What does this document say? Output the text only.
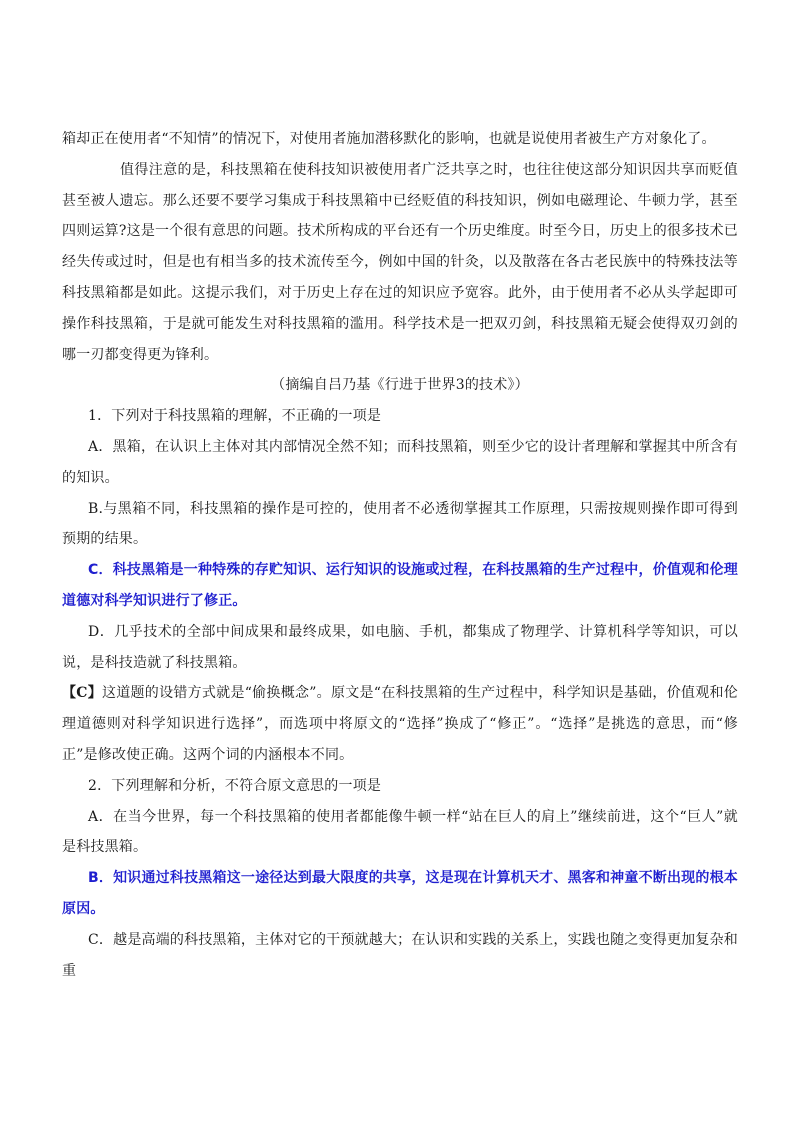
箱却正在使用者“不知情”的情况下，对使用者施加潜移默化的影响，也就是说使用者被生产方对象化了。

值得注意的是，科技黑箱在使科技知识被使用者广泛共享之时，也往往使这部分知识因共享而贬值甚至被人遗忘。那么还要不要学习集成于科技黑箱中已经贬值的科技知识，例如电磁理论、牛顿力学，甚至四则运算?这是一个很有意思的问题。技术所构成的平台还有一个历史维度。时至今日，历史上的很多技术已经失传或过时，但是也有相当多的技术流传至今，例如中国的针灸，以及散落在各古老民族中的特殊技法等科技黑箱都是如此。这提示我们，对于历史上存在过的知识应予宽容。此外，由于使用者不必从头学起即可操作科技黑箱，于是就可能发生对科技黑箱的滥用。科学技术是一把双刃剑，科技黑箱无疑会使得双刃剑的哪一刃都变得更为锋利。

（摘编自吕乃基《行进于世界3的技术》）

1．下列对于科技黑箱的理解，不正确的一项是

A．黑箱，在认识上主体对其内部情况全然不知；而科技黑箱，则至少它的设计者理解和掌握其中所含有的知识。

B.与黑箱不同，科技黑箱的操作是可控的，使用者不必透彻掌握其工作原理，只需按规则操作即可得到预期的结果。

C．科技黑箱是一种特殊的存贮知识、运行知识的设施或过程，在科技黑箱的生产过程中，价值观和伦理道德对科学知识进行了修正。

D．几乎技术的全部中间成果和最终成果，如电脑、手机，都集成了物理学、计算机科学等知识，可以说，是科技造就了科技黑箱。

【C】这道题的设错方式就是“偷换概念”。原文是“在科技黑箱的生产过程中，科学知识是基础，价值观和伦理道德则对科学知识进行选择”，而选项中将原文的“选择”换成了“修正”。“选择”是挑选的意思，而“修正”是修改使正确。这两个词的内涵根本不同。

2．下列理解和分析，不符合原文意思的一项是

A．在当今世界，每一个科技黑箱的使用者都能像牛顿一样“站在巨人的肩上”继续前进，这个“巨人”就是科技黑箱。

B．知识通过科技黑箱这一途径达到最大限度的共享，这是现在计算机天才、黑客和神童不断出现的根本原因。

C．越是高端的科技黑箱，主体对它的干预就越大；在认识和实践的关系上，实践也随之变得更加复杂和重
